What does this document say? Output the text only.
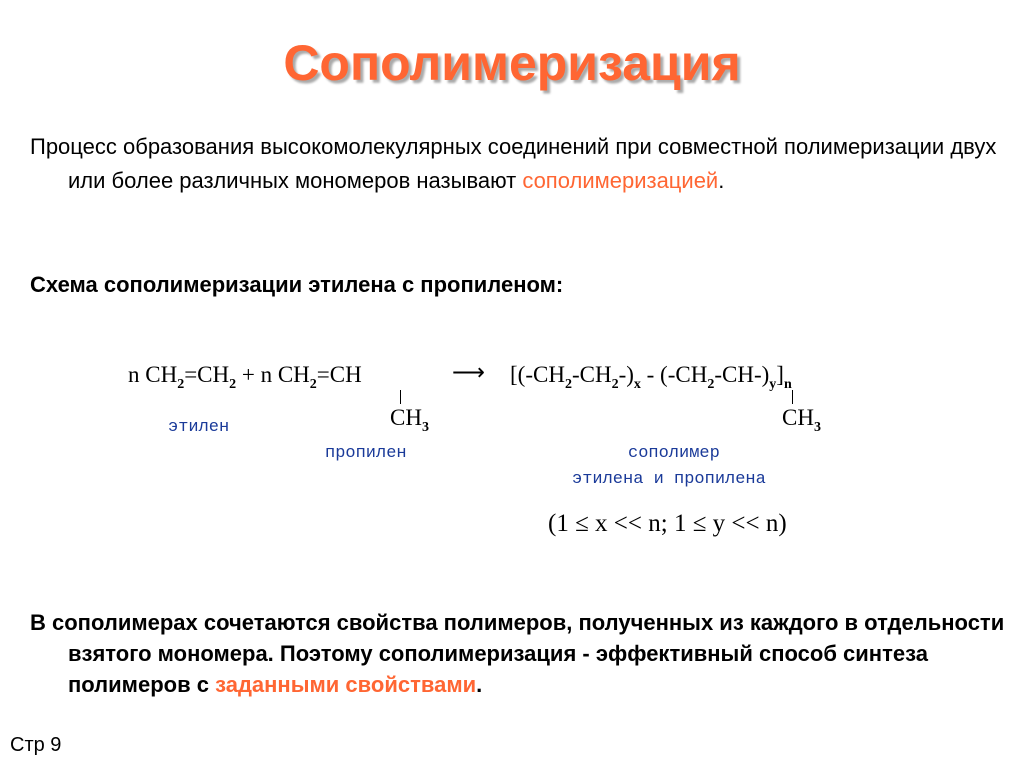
Сополимеризация
Процесс образования высокомолекулярных соединений при совместной полимеризации двух или более различных мономеров называют сополимеризацией.
Схема сополимеризации этилена с пропиленом:
n $CH_2=CH_2 + n$ $CH_2=CH$	⟶ $[(-CH_2-CH_2-)_x - (-CH_2-CH-)_y]_n$
$CH_3$	$CH_3$
этилен
пропилен	сополимер
этилена и пропилена
(1 ≤ x << n; 1 ≤ y << n)
В сополимерах сочетаются свойства полимеров, полученных из каждого в отдельности взятого мономера. Поэтому сополимеризация - эффективный способ синтеза полимеров с заданными свойствами.
Стр 9
